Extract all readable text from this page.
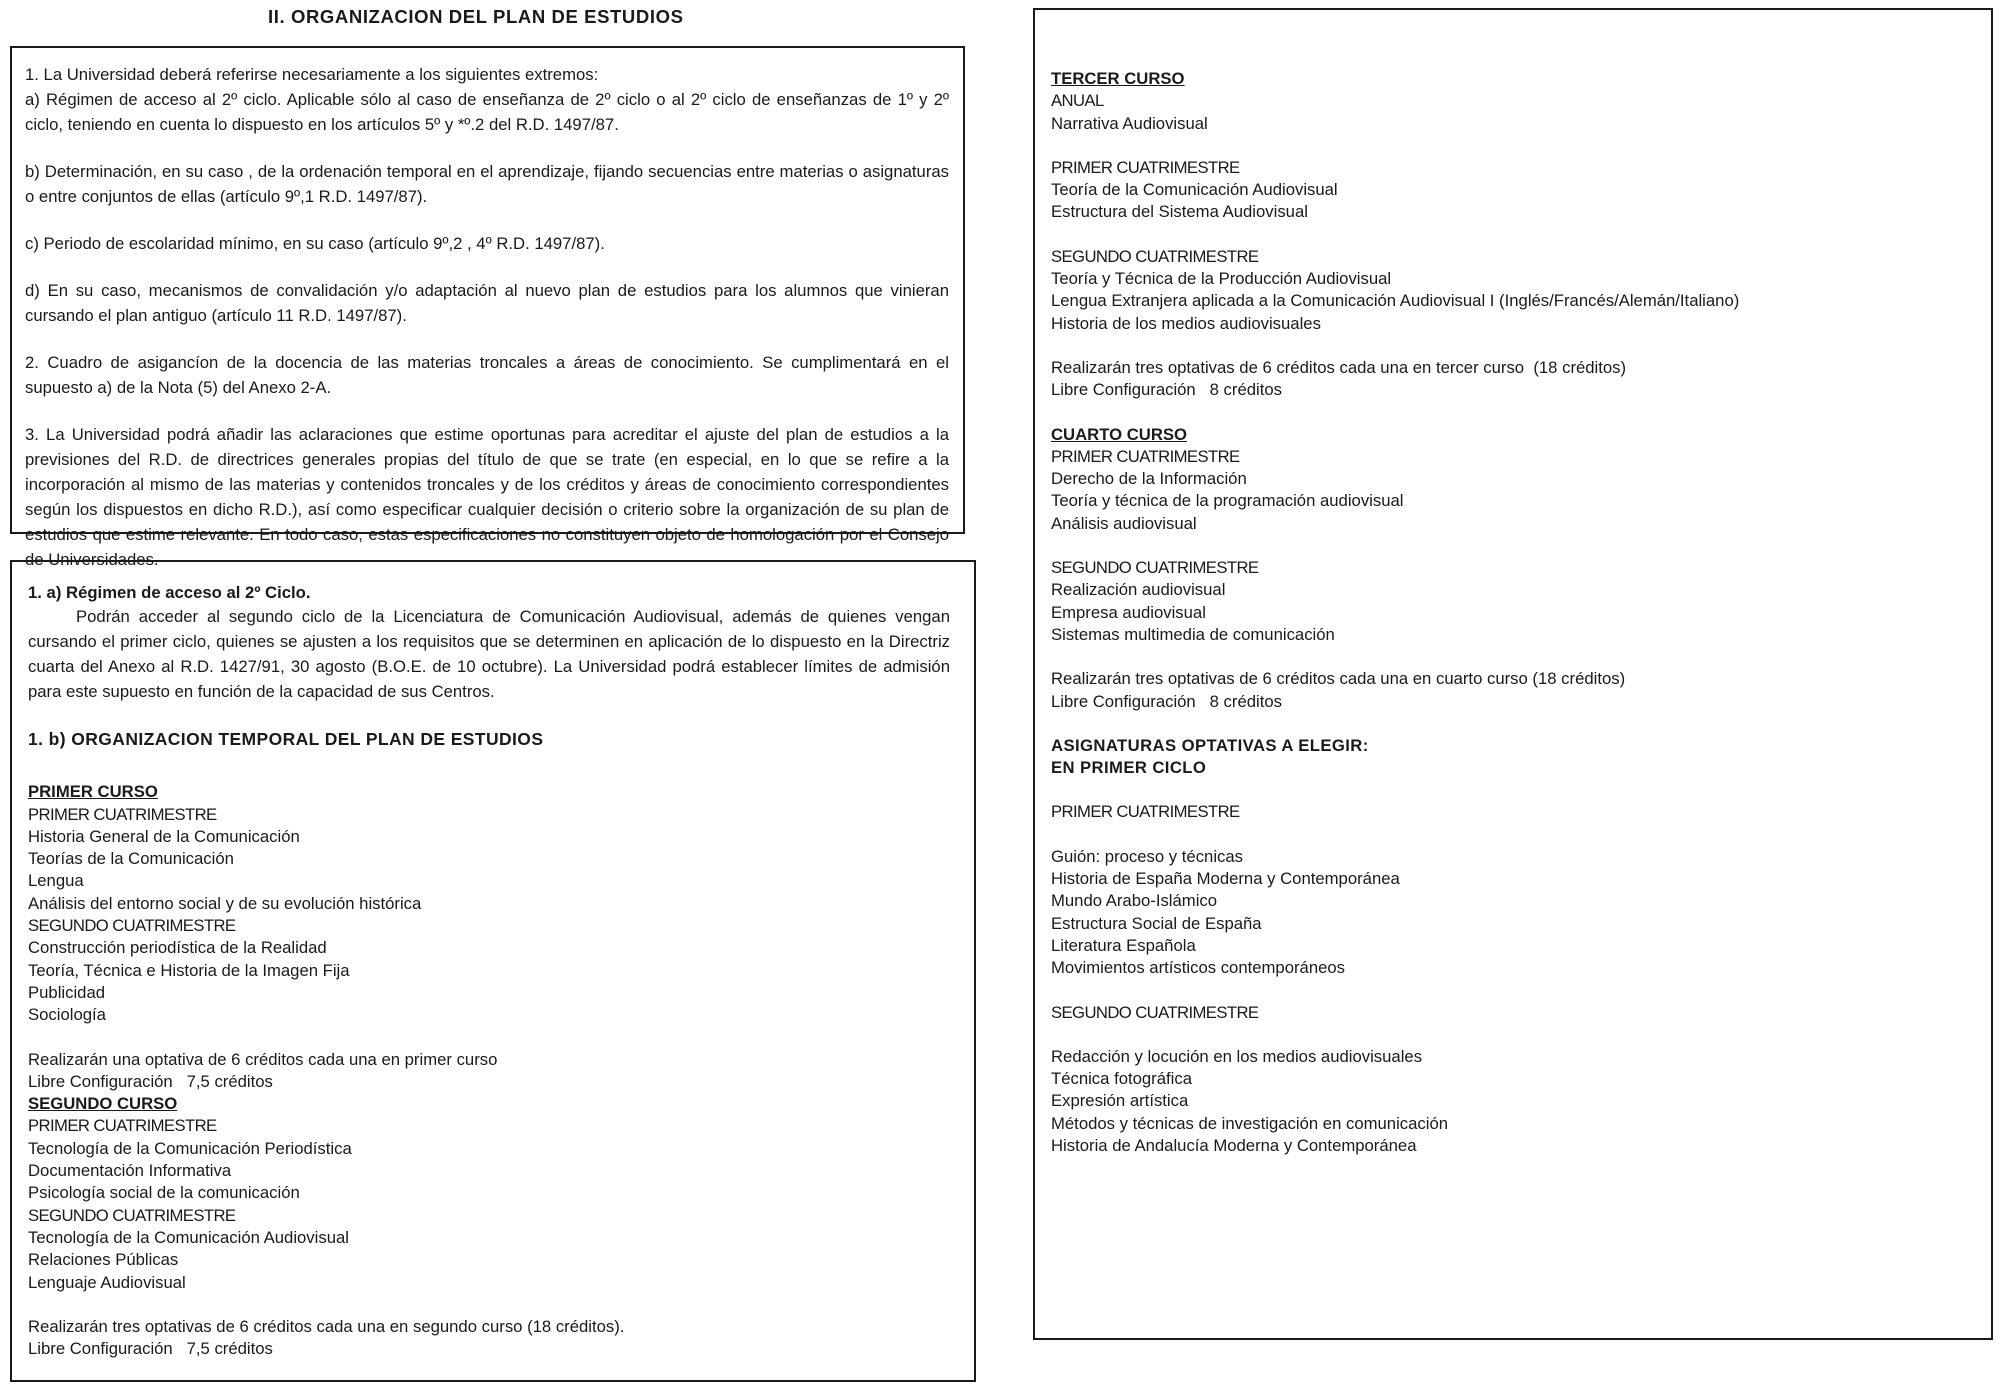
II. ORGANIZACION DEL PLAN DE ESTUDIOS

1. La Universidad deberá referirse necesariamente a los siguientes extremos:
a) Régimen de acceso al 2º ciclo. Aplicable sólo al caso de enseñanza de 2º ciclo o al 2º ciclo de enseñanzas de 1º y 2º ciclo, teniendo en cuenta lo dispuesto en los artículos 5º y *º.2 del R.D. 1497/87.

b) Determinación, en su caso , de la ordenación temporal en el aprendizaje, fijando secuencias entre materias o asignaturas o entre conjuntos de ellas (artículo 9º,1 R.D. 1497/87).

c) Periodo de escolaridad mínimo, en su caso (artículo 9º,2 , 4º R.D. 1497/87).

d) En su caso, mecanismos de convalidación y/o adaptación al nuevo plan de estudios para los alumnos que vinieran cursando el plan antiguo (artículo 11 R.D. 1497/87).

2. Cuadro de asigancíon de la docencia de las materias troncales a áreas de conocimiento. Se cumplimentará en el supuesto a) de la Nota (5) del Anexo 2-A.

3. La Universidad podrá añadir las aclaraciones que estime oportunas para acreditar el ajuste del plan de estudios a la previsiones del R.D. de directrices generales propias del título de que se trate (en especial, en lo que se refire a la incorporación al mismo de las materias y contenidos troncales y de los créditos y áreas de conocimiento correspondientes según los dispuestos en dicho R.D.), así como especificar cualquier decisión o criterio sobre la organización de su plan de estudios que estime relevante. En todo caso, estas especificaciones no constituyen objeto de homologación por el Consejo de Universidades.

1. a) Régimen de acceso al 2º Ciclo.

Podrán acceder al segundo ciclo de la Licenciatura de Comunicación Audiovisual, además de quienes vengan cursando el primer ciclo, quienes se ajusten a los requisitos que se determinen en aplicación de lo dispuesto en la Directriz cuarta del Anexo al R.D. 1427/91, 30 agosto (B.O.E. de 10 octubre). La Universidad podrá establecer límites de admisión para este supuesto en función de la capacidad de sus Centros.

1. b) ORGANIZACION TEMPORAL DEL PLAN DE ESTUDIOS
PRIMER CURSO
PRIMER CUATRIMESTRE
Historia General de la Comunicación
Teorías de la Comunicación
Lengua
Análisis del entorno social y de su evolución histórica
SEGUNDO CUATRIMESTRE
Construcción periodística de la Realidad
Teoría, Técnica e Historia de la Imagen Fija
Publicidad
Sociología
Realizarán una optativa de 6 créditos cada una en primer curso
Libre Configuración   7,5 créditos
SEGUNDO CURSO
PRIMER CUATRIMESTRE
Tecnología de la Comunicación Periodística
Documentación Informativa
Psicología social de la comunicación
SEGUNDO CUATRIMESTRE
Tecnología de la Comunicación Audiovisual
Relaciones Públicas
Lenguaje Audiovisual
Realizarán tres optativas de 6 créditos cada una en segundo curso (18 créditos).
Libre Configuración   7,5 créditos
TERCER CURSO
ANUAL
Narrativa Audiovisual
PRIMER CUATRIMESTRE
Teoría de la Comunicación Audiovisual
Estructura del Sistema Audiovisual
SEGUNDO CUATRIMESTRE
Teoría y Técnica de la Producción Audiovisual
Lengua Extranjera aplicada a la Comunicación Audiovisual I (Inglés/Francés/Alemán/Italiano)
Historia de los medios audiovisuales
Realizarán tres optativas de 6 créditos cada una en tercer curso  (18 créditos)
Libre Configuración   8 créditos
CUARTO CURSO
PRIMER CUATRIMESTRE
Derecho de la Información
Teoría y técnica de la programación audiovisual
Análisis audiovisual
SEGUNDO CUATRIMESTRE
Realización audiovisual
Empresa audiovisual
Sistemas multimedia de comunicación
Realizarán tres optativas de 6 créditos cada una en cuarto curso (18 créditos)
Libre Configuración   8 créditos
ASIGNATURAS OPTATIVAS A ELEGIR:
EN PRIMER CICLO
PRIMER CUATRIMESTRE
Guión: proceso y técnicas
Historia de España Moderna y Contemporánea
Mundo Arabo-Islámico
Estructura Social de España
Literatura Española
Movimientos artísticos contemporáneos
SEGUNDO CUATRIMESTRE
Redacción y locución en los medios audiovisuales
Técnica fotográfica
Expresión artística
Métodos y técnicas de investigación en comunicación
Historia de Andalucía Moderna y Contemporánea
